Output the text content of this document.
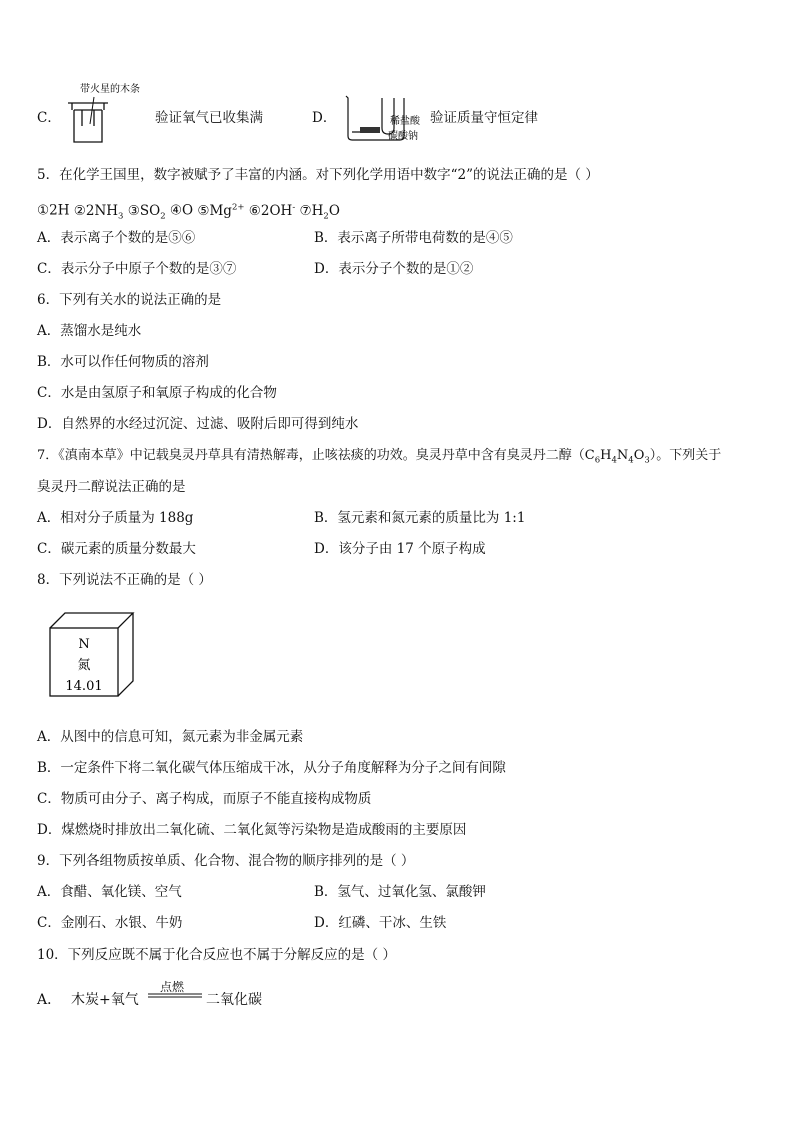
带火星的木条
稀盐酸
碳酸钠
C．	验证氧气已收集满	D．	验证质量守恒定律
5．在化学王国里，数字被赋予了丰富的内涵。对下列化学用语中数字“2”的说法正确的是（ ）
①2H $②2NH_3$ $③SO_2$ ④O $⑤Mg^{2+}$ ⑥2OH- $⑦H_2O$
A．表示离子个数的是⑤⑥	B．表示离子所带电荷数的是④⑤
C．表示分子中原子个数的是③⑦	D．表示分子个数的是①②
6．下列有关水的说法正确的是
A．蒸馏水是纯水
B．水可以作任何物质的溶剂
C．水是由氢原子和氧原子构成的化合物
D．自然界的水经过沉淀、过滤、吸附后即可得到纯水
7．《滇南本草》中记载臭灵丹草具有清热解毒，止咳祛痰的功效。臭灵丹草中含有臭灵丹二醇$(C_6H_4N_4O_3)$。下列关于
臭灵丹二醇说法正确的是
A．相对分子质量为 188g	B．氢元素和氮元素的质量比为 1:1
C．碳元素的质量分数最大	D．该分子由 17 个原子构成
8．下列说法不正确的是（ ）
N
氮
14.01
A．从图中的信息可知，氮元素为非金属元素
B．一定条件下将二氧化碳气体压缩成干冰，从分子角度解释为分子之间有间隙
C．物质可由分子、离子构成，而原子不能直接构成物质
D．煤燃烧时排放出二氧化硫、二氧化氮等污染物是造成酸雨的主要原因
9．下列各组物质按单质、化合物、混合物的顺序排列的是（ ）
A．食醋、氧化镁、空气	B．氢气、过氧化氢、氯酸钾
C．金刚石、水银、牛奶	D．红磷、干冰、生铁
10．下列反应既不属于化合反应也不属于分解反应的是（ ）
A． 木炭+氧气
点燃
二氧化碳
